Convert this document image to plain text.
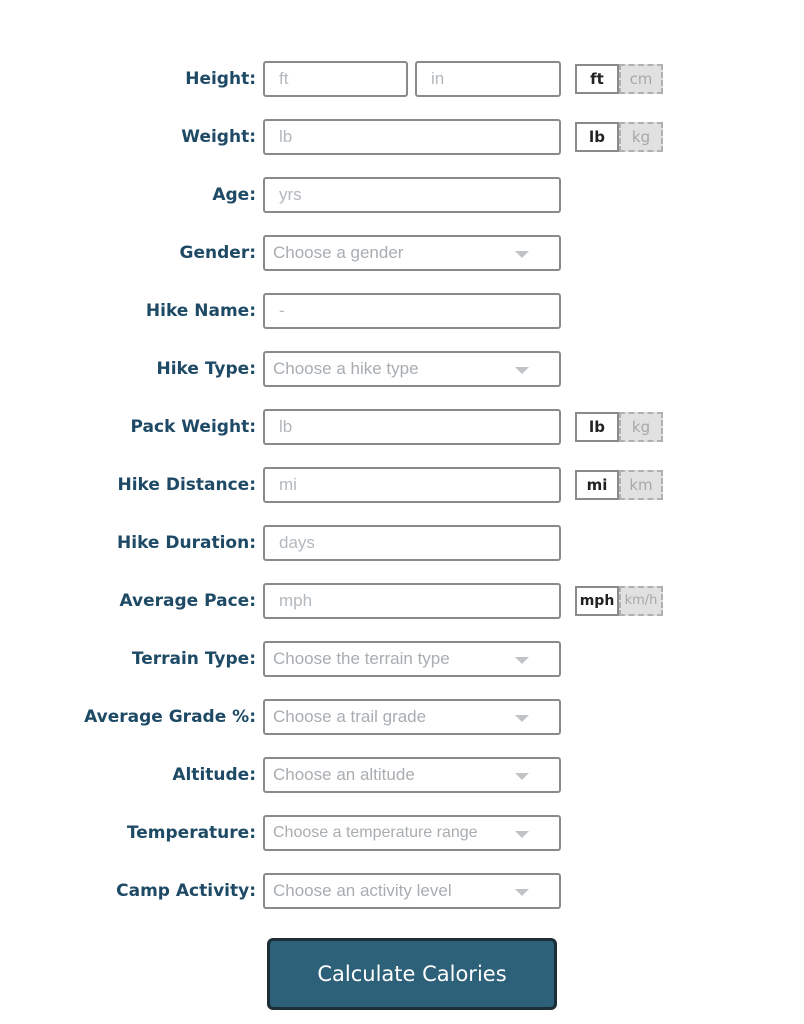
Height:
ft
in	ft	cm
Weight:
lb	lb	kg
Age:
yrs
Gender: Choose a gender
Hike Name:
-
Hike Type: Choose a hike type
Pack Weight:
lb	lb	kg
Hike Distance:
mi	mi	km
Hike Duration:
days
Average Pace:
mph	mph km/h
Terrain Type: Choose the terrain type
Average Grade %: Choose a trail grade
Altitude: Choose an altitude
Temperature: Choose a temperature range
Camp Activity: Choose an activity level
Calculate Calories
